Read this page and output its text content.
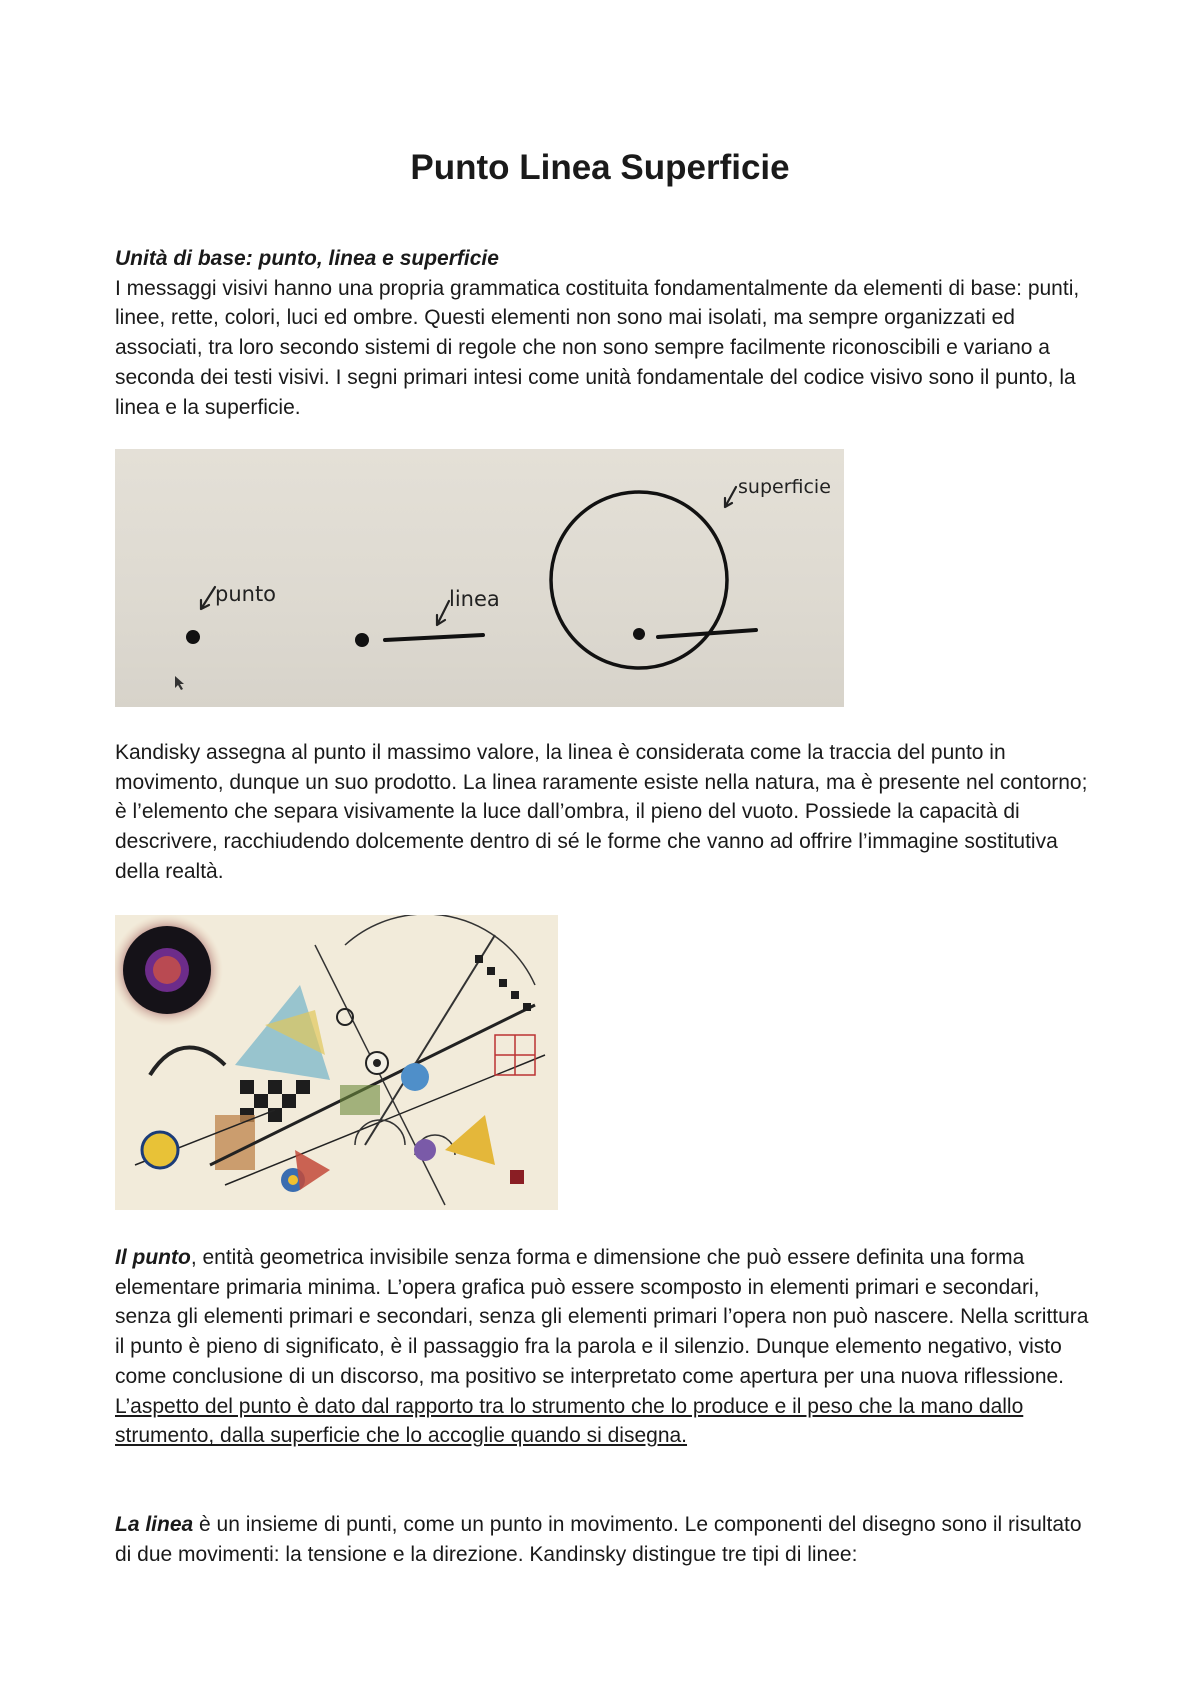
Punto Linea Superficie
Unità di base: punto, linea e superficie
I messaggi visivi hanno una propria grammatica costituita fondamentalmente da elementi di base: punti, linee, rette, colori, luci ed ombre. Questi elementi non sono mai isolati, ma sempre organizzati ed associati, tra loro secondo sistemi di regole che non sono sempre facilmente riconoscibili e variano a seconda dei testi visivi. I segni primari intesi come unità fondamentale del codice visivo sono il punto, la linea e la superficie.
punto	linea
superficie
Kandisky assegna al punto il massimo valore, la linea è considerata come la traccia del punto in movimento, dunque un suo prodotto. La linea raramente esiste nella natura, ma è presente nel contorno; è l’elemento che separa visivamente la luce dall’ombra, il pieno del vuoto. Possiede la capacità di descrivere, racchiudendo dolcemente dentro di sé le forme che vanno ad offrire l’immagine sostitutiva della realtà.
Il punto, entità geometrica invisibile senza forma e dimensione che può essere definita una forma elementare primaria minima. L’opera grafica può essere scomposto in elementi primari e secondari, senza gli elementi primari e secondari, senza gli elementi primari l’opera non può nascere. Nella scrittura il punto è pieno di significato, è il passaggio fra la parola e il silenzio. Dunque elemento negativo, visto come conclusione di un discorso, ma positivo se interpretato come apertura per una nuova riflessione.
L’aspetto del punto è dato dal rapporto tra lo strumento che lo produce e il peso che la mano dallo strumento, dalla superficie che lo accoglie quando si disegna.
La linea è un insieme di punti, come un punto in movimento. Le componenti del disegno sono il risultato di due movimenti: la tensione e la direzione. Kandinsky distingue tre tipi di linee:
